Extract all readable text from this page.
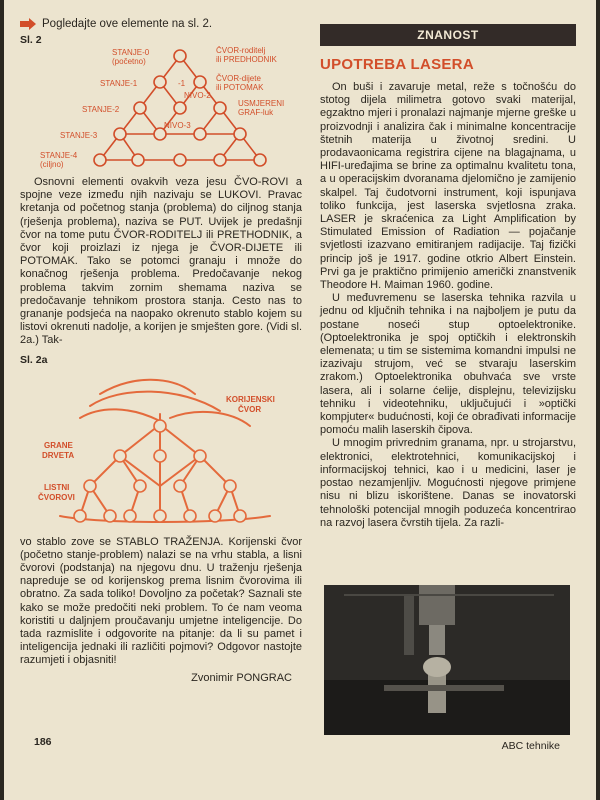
Pogledajte ove elemente na sl. 2.
Sl. 2
STANJE-0
(početno)
ČVOR-roditelj
ili PREDHODNIK
STANJE-1	-1
ČVOR-dijete
ili POTOMAK
STANJE-2
NIVO-2
USMJERENI
GRAF-luk
STANJE-3
NIVO-3
STANJE-4
(ciljno)
Osnovni elementi ovakvih veza jesu ČVO-ROVI a spojne veze između njih nazivaju se LUKOVI. Pravac kretanja od početnog stanja (problema) do ciljnog stanja (rješenja problema), naziva se PUT. Uvijek je predašnji čvor na tome putu ČVOR-RODITELJ ili PRETHODNIK, a čvor koji proizlazi iz njega je ČVOR-DIJETE ili POTOMAK. Tako se potomci granaju i množe do konačnog rješenja problema. Predočavanje nekog problema takvim zornim shemama naziva se predočavanje tehnikom prostora stanja. Cesto nas to grananje podsjeća na naopako okrenuto stablo kojem su listovi okrenuti nadolje, a korijen je smješten gore. (Vidi sl. 2a.) Tak-
Sl. 2a
KORIJENSKI
ČVOR
GRANE
DRVETA
LISTNI
ČVOROVI
vo stablo zove se STABLO TRAŽENJA. Korijenski čvor (početno stanje-problem) nalazi se na vrhu stabla, a lisni čvorovi (podstanja) na njegovu dnu. U traženju rješenja napreduje se od korijenskog prema lisnim čvorovima ili obratno. Za sada toliko! Dovoljno za početak? Saznali ste kako se može predočiti neki problem. To će nam veoma koristiti u daljnjem proučavanju umjetne inteligencije. Do tada razmislite i odgovorite na pitanje: da li su pamet i inteligencija jednaki ili različiti pojmovi? Odgovor nastojte razumjeti i objasniti!
Zvonimir PONGRAC
186
ZNANOST
UPOTREBA LASERA

On buši i zavaruje metal, reže s točnošću do stotog dijela milimetra gotovo svaki materijal, egzaktno mjeri i pronalazi najmanje mjerne greške u proizvodnji i analizira čak i minimalne koncentracije štetnih materija u životnoj sredini. U prodavaonicama registrira cijene na blagajnama, u HIFI-uređajima se brine za optimalnu kvalitetu tona, a u operacijskim dvoranama djelomično je zamijenio skalpel. Taj čudotvorni instrument, koji ispunjava toliko funkcija, jest laserska svjetlosna zraka. LASER je skraćenica za Light Amplification by Stimulated Emission of Radiation — pojačanje svjetlosti izazvano emitiranjem radijacije. Taj fizički princip još je 1917. godine otkrio Albert Einstein. Prvi ga je praktično primijenio američki znanstvenik Theodore H. Maiman 1960. godine.

U međuvremenu se laserska tehnika razvila u jednu od ključnih tehnika i na najboljem je putu da postane noseći stup optoelektronike. (Optoelektronika je spoj optičkih i elektronskih elemenata; u tim se sistemima komandni impulsi ne izazivaju strujom, već se stvaraju laserskim zrakom.) Optoelektronika obuhvaća sve vrste lasera, ali i solarne ćelije, displejnu, televizijsku tehniku i videotehniku, uključujući i »optički kompjuter« budućnosti, koji će obrađivati informacije pomoću malih laserskih čipova.

U mnogim privrednim granama, npr. u strojarstvu, elektronici, elektrotehnici, komunikacijskoj i informacijskoj tehnici, kao i u medicini, laser je postao nezamjenljiv. Mogućnosti njegove primjene nisu ni blizu iskorištene. Danas se inovatorski tehnološki potencijal mnogih poduzeća koncentrirao na razvoj lasera čvrstih tijela. Za razli-

ABC tehnike
